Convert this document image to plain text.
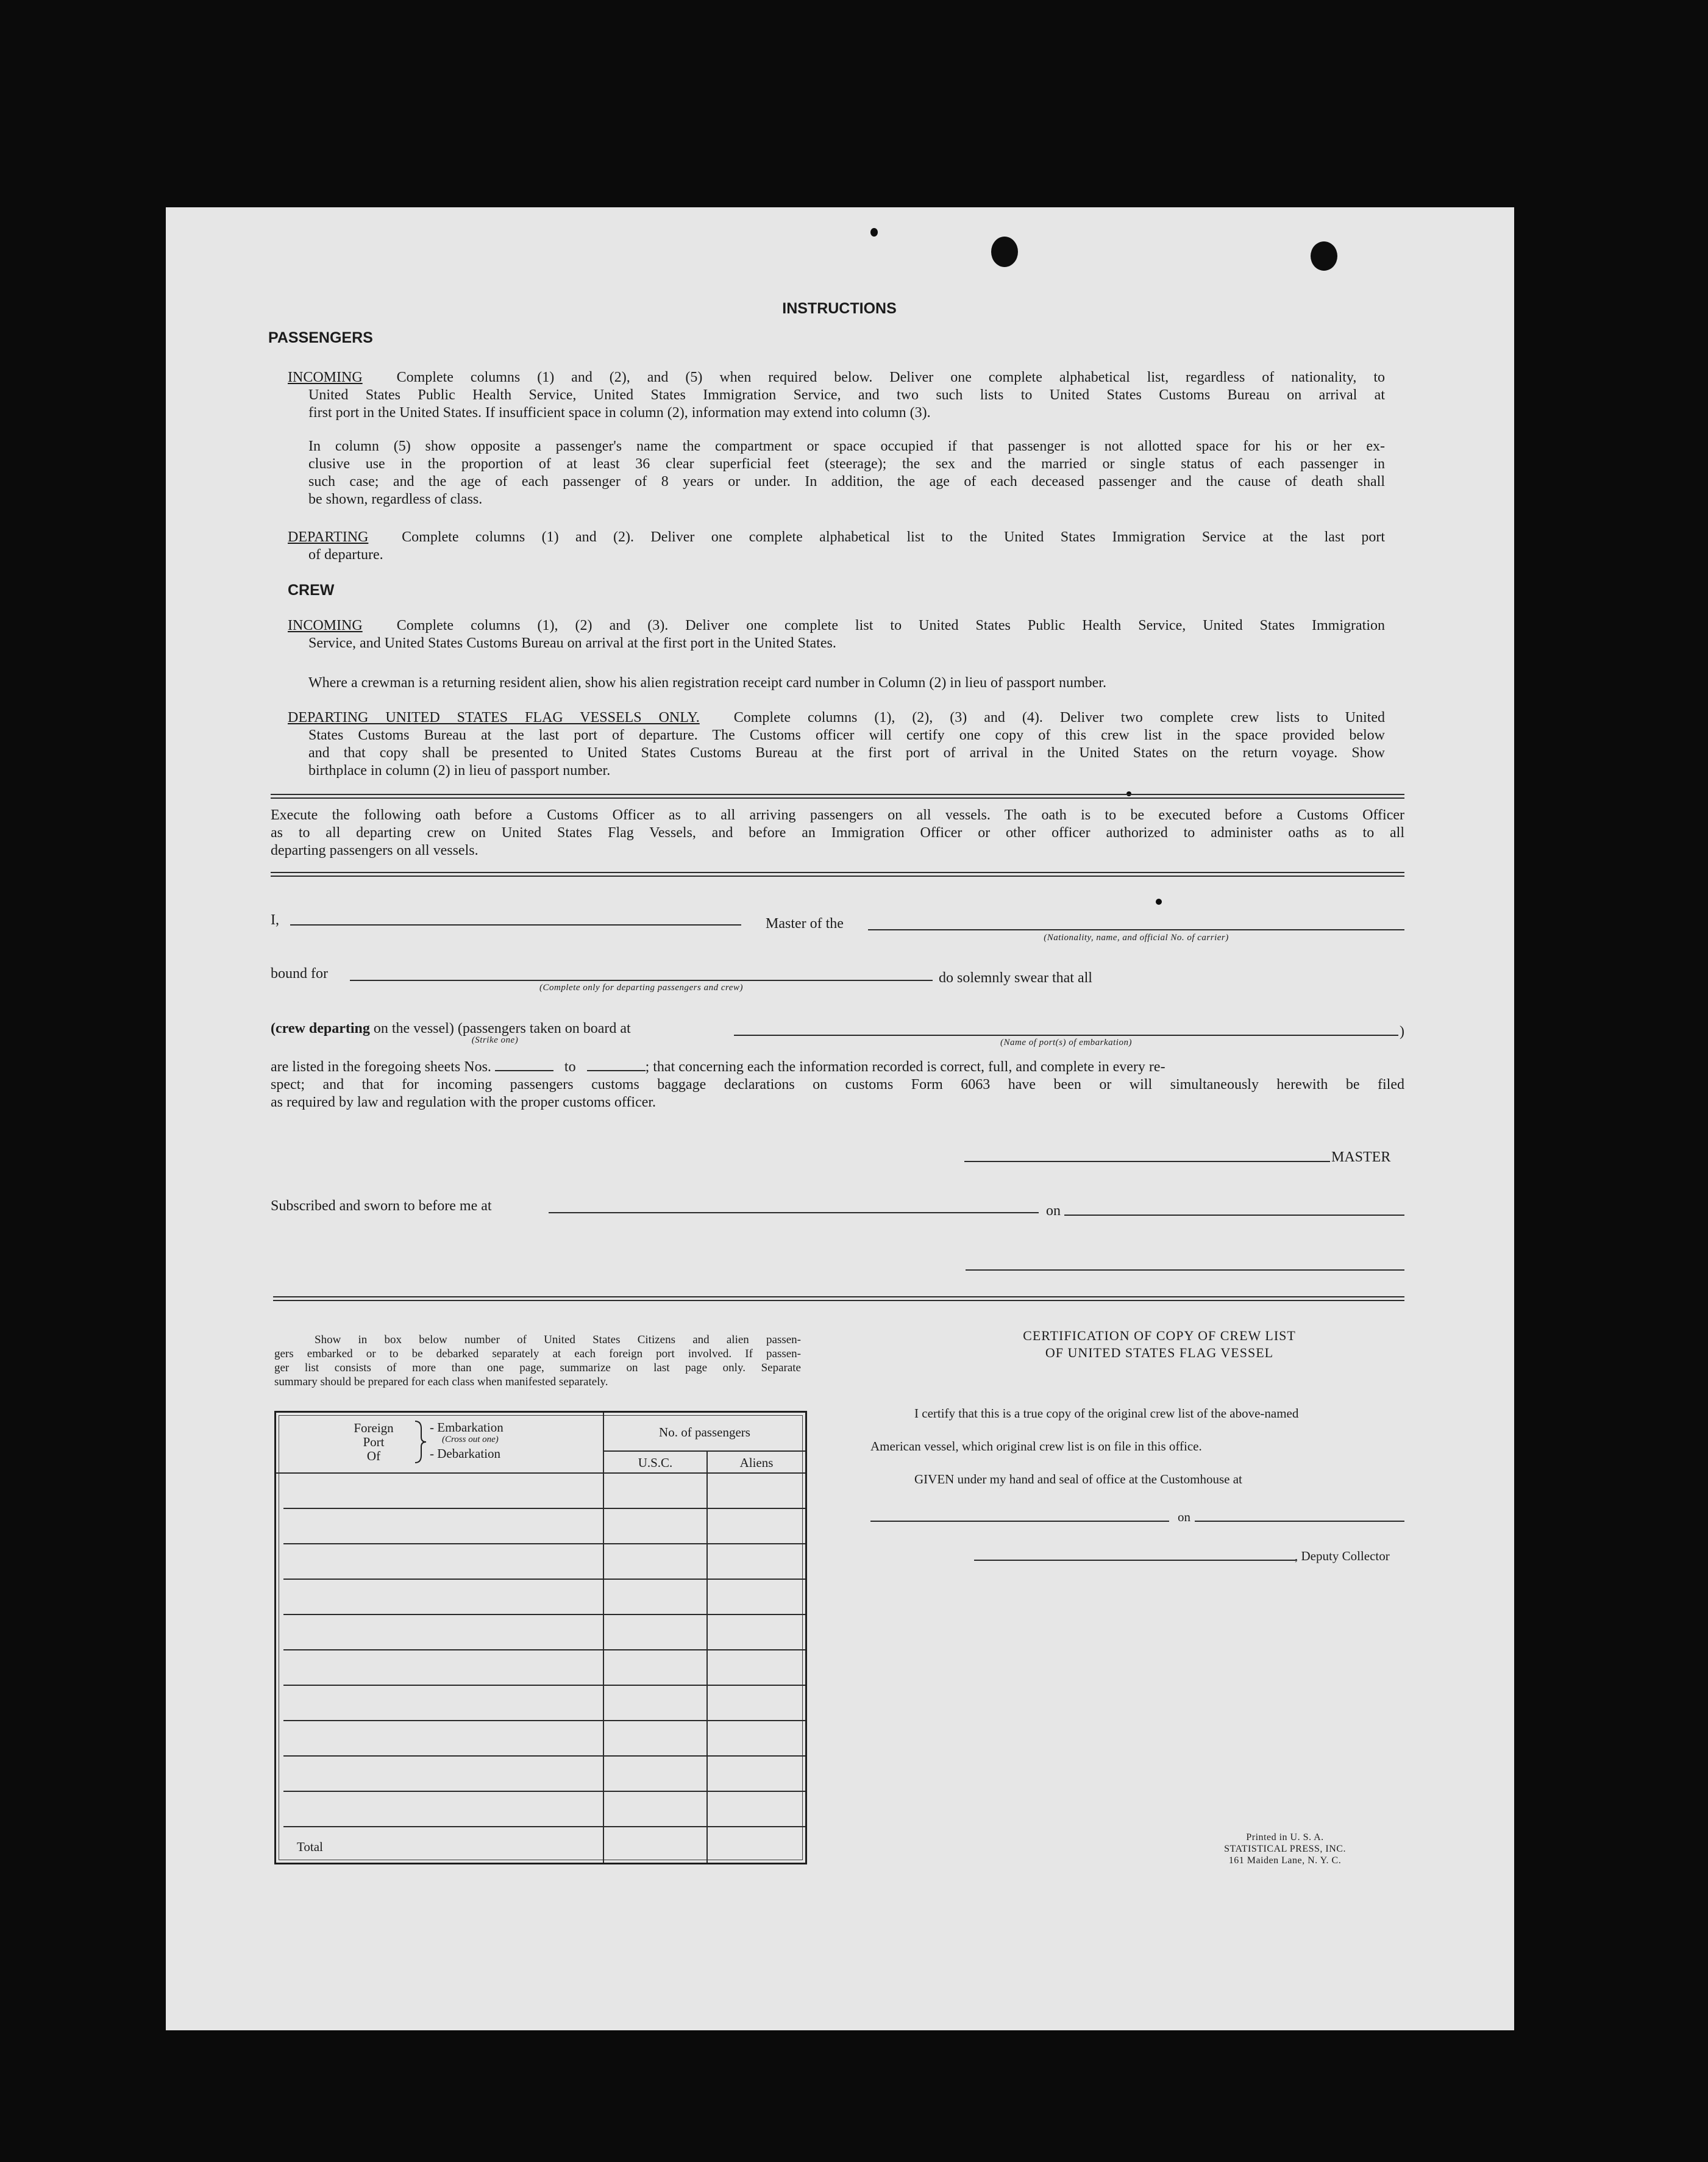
INSTRUCTIONS
PASSENGERS
INCOMING Complete columns (1) and (2), and (5) when required below. Deliver one complete alphabetical list, regardless of nationality, to
United States Public Health Service, United States Immigration Service, and two such lists to United States Customs Bureau on arrival at
first port in the United States. If insufficient space in column (2), information may extend into column (3).
In column (5) show opposite a passenger's name the compartment or space occupied if that passenger is not allotted space for his or her ex-
clusive use in the proportion of at least 36 clear superficial feet (steerage); the sex and the married or single status of each passenger in
such case; and the age of each passenger of 8 years or under. In addition, the age of each deceased passenger and the cause of death shall
be shown, regardless of class.
DEPARTING Complete columns (1) and (2). Deliver one complete alphabetical list to the United States Immigration Service at the last port
of departure.
CREW
INCOMING Complete columns (1), (2) and (3). Deliver one complete list to United States Public Health Service, United States Immigration
Service, and United States Customs Bureau on arrival at the first port in the United States.
Where a crewman is a returning resident alien, show his alien registration receipt card number in Column (2) in lieu of passport number.
DEPARTING UNITED STATES FLAG VESSELS ONLY. Complete columns (1), (2), (3) and (4). Deliver two complete crew lists to United
States Customs Bureau at the last port of departure. The Customs officer will certify one copy of this crew list in the space provided below
and that copy shall be presented to United States Customs Bureau at the first port of arrival in the United States on the return voyage. Show
birthplace in column (2) in lieu of passport number.
Execute the following oath before a Customs Officer as to all arriving passengers on all vessels. The oath is to be executed before a Customs Officer
as to all departing crew on United States Flag Vessels, and before an Immigration Officer or other officer authorized to administer oaths as to all
departing passengers on all vessels.
I,	Master of the
(Nationality, name, and official No. of carrier)
bound for
(Complete only for departing passengers and crew)
do solemnly swear that all
(crew departing on the vessel) (passengers taken on board at
(Strike one)
)
(Name of port(s) of embarkation)
are listed in the foregoing sheets Nos.	to	; that concerning each the information recorded is correct, full, and complete in every re-
spect; and that for incoming passengers customs baggage declarations on customs Form 6063 have been or will simultaneously herewith be filed
as required by law and regulation with the proper customs officer.
MASTER
Subscribed and sworn to before me at	on
Show in box below number of United States Citizens and alien passen-
gers embarked or to be debarked separately at each foreign port involved. If passen-
ger list consists of more than one page, summarize on last page only. Separate
summary should be prepared for each class when manifested separately.
Foreign
Port
Of
- Embarkation
(Cross out one)
- Debarkation
No. of passengers
U.S.C.	Aliens
Total
CERTIFICATION OF COPY OF CREW LIST
OF UNITED STATES FLAG VESSEL
I certify that this is a true copy of the original crew list of the above-named
American vessel, which original crew list is on file in this office.
GIVEN under my hand and seal of office at the Customhouse at
on
, Deputy Collector
Printed in U. S. A.
STATISTICAL PRESS, INC.
161 Maiden Lane, N. Y. C.
